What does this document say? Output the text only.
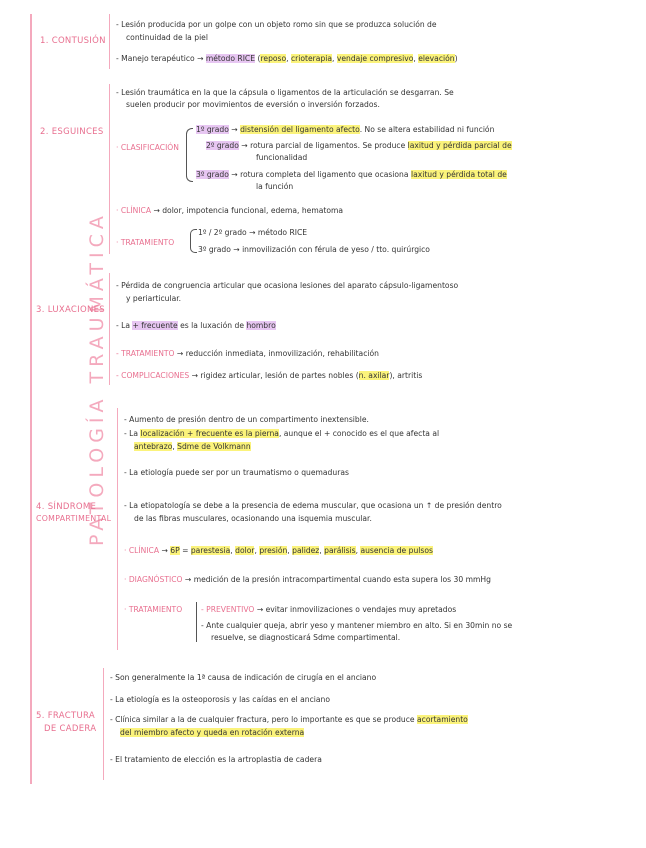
PATOLOGÍA TRAUMÁTICA
1. CONTUSIÓN
- Lesión producida por un golpe con un objeto romo sin que se produzca solución de
continuidad de la piel
- Manejo terapéutico → método RICE (reposo, crioterapia, vendaje compresivo, elevación)
2. ESGUINCES
- Lesión traumática en la que la cápsula o ligamentos de la articulación se desgarran. Se
suelen producir por movimientos de eversión o inversión forzados.
· CLASIFICACIÓN
1º grado → distensión del ligamento afecto. No se altera estabilidad ni función
2º grado → rotura parcial de ligamentos. Se produce laxitud y pérdida parcial de
funcionalidad
3º grado → rotura completa del ligamento que ocasiona laxitud y pérdida total de
la función
· CLÍNICA → dolor, impotencia funcional, edema, hematoma
· TRATAMIENTO
1º / 2º grado → método RICE
3º grado → inmovilización con férula de yeso / tto. quirúrgico
3. LUXACIONES
- Pérdida de congruencia articular que ocasiona lesiones del aparato cápsulo-ligamentoso
y periarticular.
- La + frecuente es la luxación de hombro
- TRATAMIENTO → reducción inmediata, inmovilización, rehabilitación
- COMPLICACIONES → rigidez articular, lesión de partes nobles (n. axilar), artritis
4. SÍNDROME
COMPARTIMENTAL
- Aumento de presión dentro de un compartimento inextensible.
- La localización + frecuente es la pierna, aunque el + conocido es el que afecta al
antebrazo, Sdme de Volkmann
- La etiología puede ser por un traumatismo o quemaduras
- La etiopatología se debe a la presencia de edema muscular, que ocasiona un ↑ de presión dentro
de las fibras musculares, ocasionando una isquemia muscular.
· CLÍNICA → 6P = parestesia, dolor, presión, palidez, parálisis, ausencia de pulsos
· DIAGNÓSTICO → medición de la presión intracompartimental cuando esta supera los 30 mmHg
· TRATAMIENTO - PREVENTIVO → evitar inmovilizaciones o vendajes muy apretados
- Ante cualquier queja, abrir yeso y mantener miembro en alto. Si en 30min no se
resuelve, se diagnosticará Sdme compartimental.
5. FRACTURA
DE CADERA
- Son generalmente la 1ª causa de indicación de cirugía en el anciano
- La etiología es la osteoporosis y las caídas en el anciano
- Clínica similar a la de cualquier fractura, pero lo importante es que se produce acortamiento
del miembro afecto y queda en rotación externa
- El tratamiento de elección es la artroplastia de cadera
